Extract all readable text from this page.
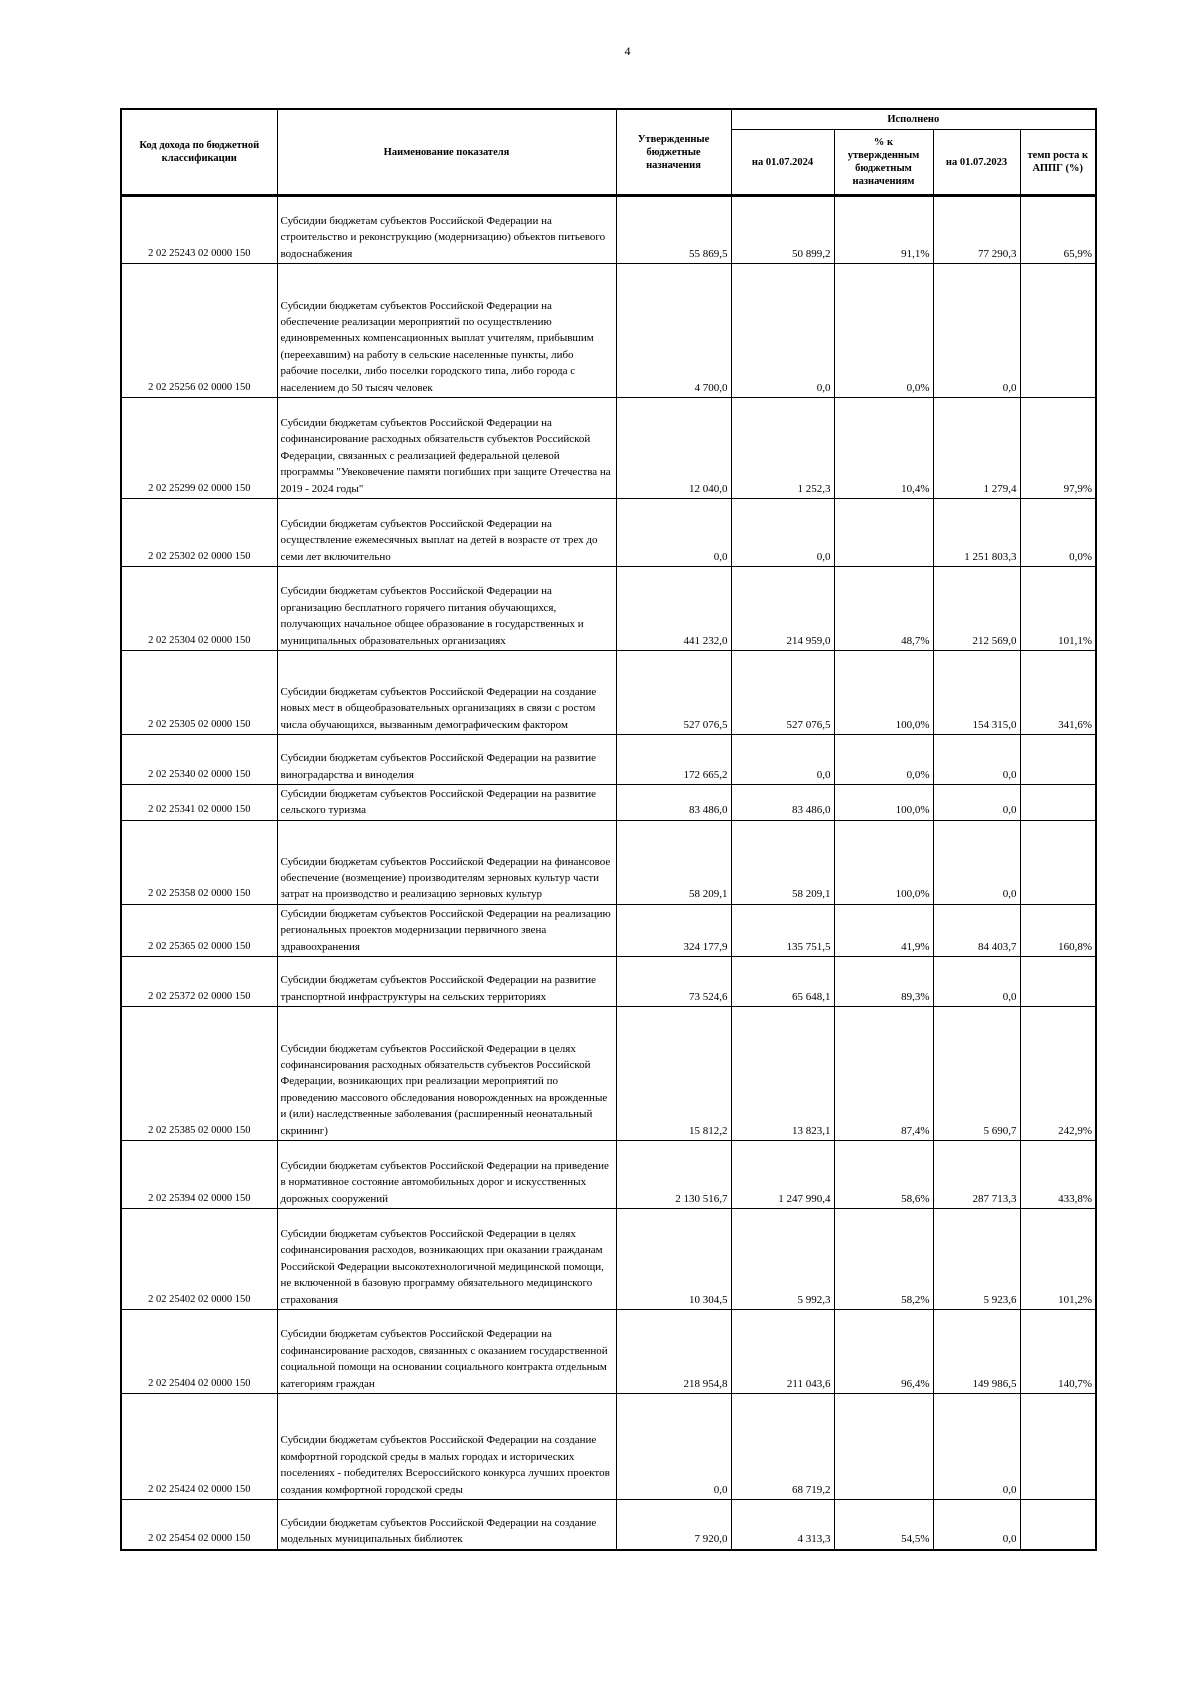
4
Код дохода по бюджетной классификации	Наименование показателя	Утвержденные бюджетные назначения	Исполнено			
			на 01.07.2024	% к утвержденным бюджетным назначениям	на 01.07.2023	темп роста к АППГ (%)
2 02 25243 02 0000 150	Субсидии бюджетам субъектов Российской Федерации на строительство и реконструкцию (модернизацию) объектов питьевого водоснабжения	55 869,5	50 899,2	91,1%	77 290,3	65,9%
2 02 25256 02 0000 150	Субсидии бюджетам субъектов Российской Федерации на обеспечение реализации мероприятий по осуществлению единовременных компенсационных выплат учителям, прибывшим (переехавшим) на работу в сельские населенные пункты, либо рабочие поселки, либо поселки городского типа, либо города с населением до 50 тысяч человек	4 700,0	0,0	0,0%	0,0	
2 02 25299 02 0000 150	Субсидии бюджетам субъектов Российской Федерации на софинансирование расходных обязательств субъектов Российской Федерации, связанных с реализацией федеральной целевой программы "Увековечение памяти погибших при защите Отечества на 2019 - 2024 годы"	12 040,0	1 252,3	10,4%	1 279,4	97,9%
2 02 25302 02 0000 150	Субсидии бюджетам субъектов Российской Федерации на осуществление ежемесячных выплат на детей в возрасте от трех до семи лет включительно	0,0	0,0		1 251 803,3	0,0%
2 02 25304 02 0000 150	Субсидии бюджетам субъектов Российской Федерации на организацию бесплатного горячего питания обучающихся, получающих начальное общее образование в государственных и муниципальных образовательных организациях	441 232,0	214 959,0	48,7%	212 569,0	101,1%
2 02 25305 02 0000 150	Субсидии бюджетам субъектов Российской Федерации на создание новых мест в общеобразовательных организациях в связи с ростом числа обучающихся, вызванным демографическим фактором	527 076,5	527 076,5	100,0%	154 315,0	341,6%
2 02 25340 02 0000 150	Субсидии бюджетам субъектов Российской Федерации на развитие виноградарства и виноделия	172 665,2	0,0	0,0%	0,0	
2 02 25341 02 0000 150	Субсидии бюджетам субъектов Российской Федерации на развитие сельского туризма	83 486,0	83 486,0	100,0%	0,0	
2 02 25358 02 0000 150	Субсидии бюджетам субъектов Российской Федерации на финансовое обеспечение (возмещение) производителям зерновых культур части затрат на производство и реализацию зерновых культур	58 209,1	58 209,1	100,0%	0,0	
2 02 25365 02 0000 150	Субсидии бюджетам субъектов Российской Федерации на реализацию региональных проектов модернизации первичного звена здравоохранения	324 177,9	135 751,5	41,9%	84 403,7	160,8%
2 02 25372 02 0000 150	Субсидии бюджетам субъектов Российской Федерации на развитие транспортной инфраструктуры на сельских территориях	73 524,6	65 648,1	89,3%	0,0	
2 02 25385 02 0000 150	Субсидии бюджетам субъектов Российской Федерации в целях софинансирования расходных обязательств субъектов Российской Федерации, возникающих при реализации мероприятий по проведению массового обследования новорожденных на врожденные и (или) наследственные заболевания (расширенный неонатальный скрининг)	15 812,2	13 823,1	87,4%	5 690,7	242,9%
2 02 25394 02 0000 150	Субсидии бюджетам субъектов Российской Федерации на приведение в нормативное состояние автомобильных дорог и искусственных дорожных сооружений	2 130 516,7	1 247 990,4	58,6%	287 713,3	433,8%
2 02 25402 02 0000 150	Субсидии бюджетам субъектов Российской Федерации в целях софинансирования расходов, возникающих при оказании гражданам Российской Федерации высокотехнологичной медицинской помощи, не включенной в базовую программу обязательного медицинского страхования	10 304,5	5 992,3	58,2%	5 923,6	101,2%
2 02 25404 02 0000 150	Субсидии бюджетам субъектов Российской Федерации на софинансирование расходов, связанных с оказанием государственной социальной помощи на основании социального контракта отдельным категориям граждан	218 954,8	211 043,6	96,4%	149 986,5	140,7%
2 02 25424 02 0000 150	Субсидии бюджетам субъектов Российской Федерации на создание комфортной городской среды в малых городах и исторических поселениях - победителях Всероссийского конкурса лучших проектов создания комфортной городской среды	0,0	68 719,2		0,0	
2 02 25454 02 0000 150	Субсидии бюджетам субъектов Российской Федерации на создание модельных муниципальных библиотек	7 920,0	4 313,3	54,5%	0,0	
